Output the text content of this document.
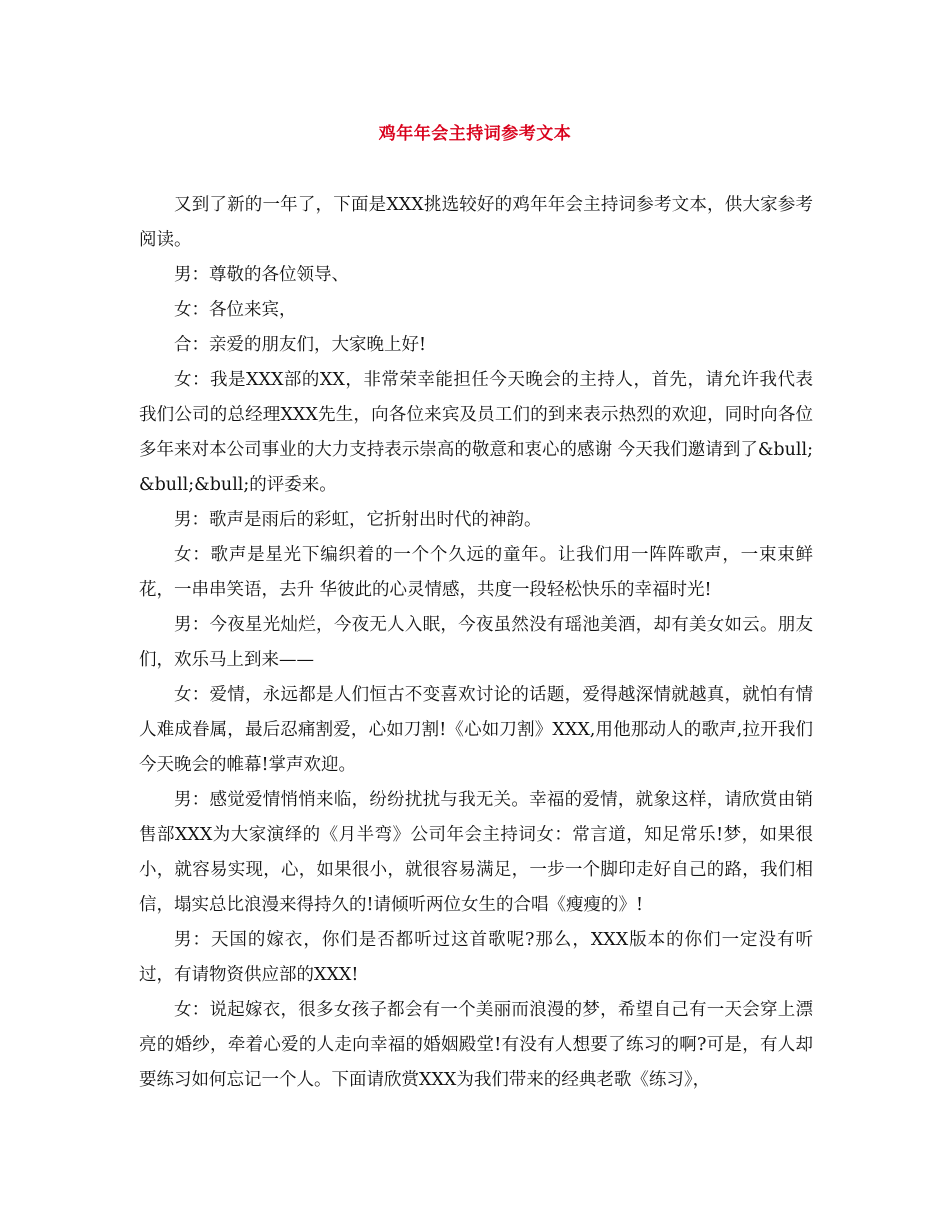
鸡年年会主持词参考文本

又到了新的一年了，下面是XXX挑选较好的鸡年年会主持词参考文本，供大家参考阅读。

男：尊敬的各位领导、

女：各位来宾，

合：亲爱的朋友们，大家晚上好!

女：我是XXX部的XX，非常荣幸能担任今天晚会的主持人，首先，请允许我代表我们公司的总经理XXX先生，向各位来宾及员工们的到来表示热烈的欢迎，同时向各位多年来对本公司事业的大力支持表示崇高的敬意和衷心的感谢 今天我们邀请到了&bull;&bull;&bull;的评委来。

男：歌声是雨后的彩虹，它折射出时代的神韵。

女：歌声是星光下编织着的一个个久远的童年。让我们用一阵阵歌声，一束束鲜花，一串串笑语，去升 华彼此的心灵情感，共度一段轻松快乐的幸福时光!

男：今夜星光灿烂，今夜无人入眠，今夜虽然没有瑶池美酒，却有美女如云。朋友们，欢乐马上到来——

女：爱情，永远都是人们恒古不变喜欢讨论的话题，爱得越深情就越真，就怕有情人难成眷属，最后忍痛割爱，心如刀割!《心如刀割》XXX,用他那动人的歌声,拉开我们今天晚会的帷幕!掌声欢迎。

男：感觉爱情悄悄来临，纷纷扰扰与我无关。幸福的爱情，就象这样，请欣赏由销售部XXX为大家演绎的《月半弯》公司年会主持词女：常言道，知足常乐!梦，如果很小，就容易实现，心，如果很小，就很容易满足，一步一个脚印走好自己的路，我们相信，塌实总比浪漫来得持久的!请倾听两位女生的合唱《瘦瘦的》!

男：天国的嫁衣，你们是否都听过这首歌呢?那么，XXX版本的你们一定没有听过，有请物资供应部的XXX!

女：说起嫁衣，很多女孩子都会有一个美丽而浪漫的梦，希望自己有一天会穿上漂亮的婚纱，牵着心爱的人走向幸福的婚姻殿堂!有没有人想要了练习的啊?可是，有人却要练习如何忘记一个人。下面请欣赏XXX为我们带来的经典老歌《练习》，
